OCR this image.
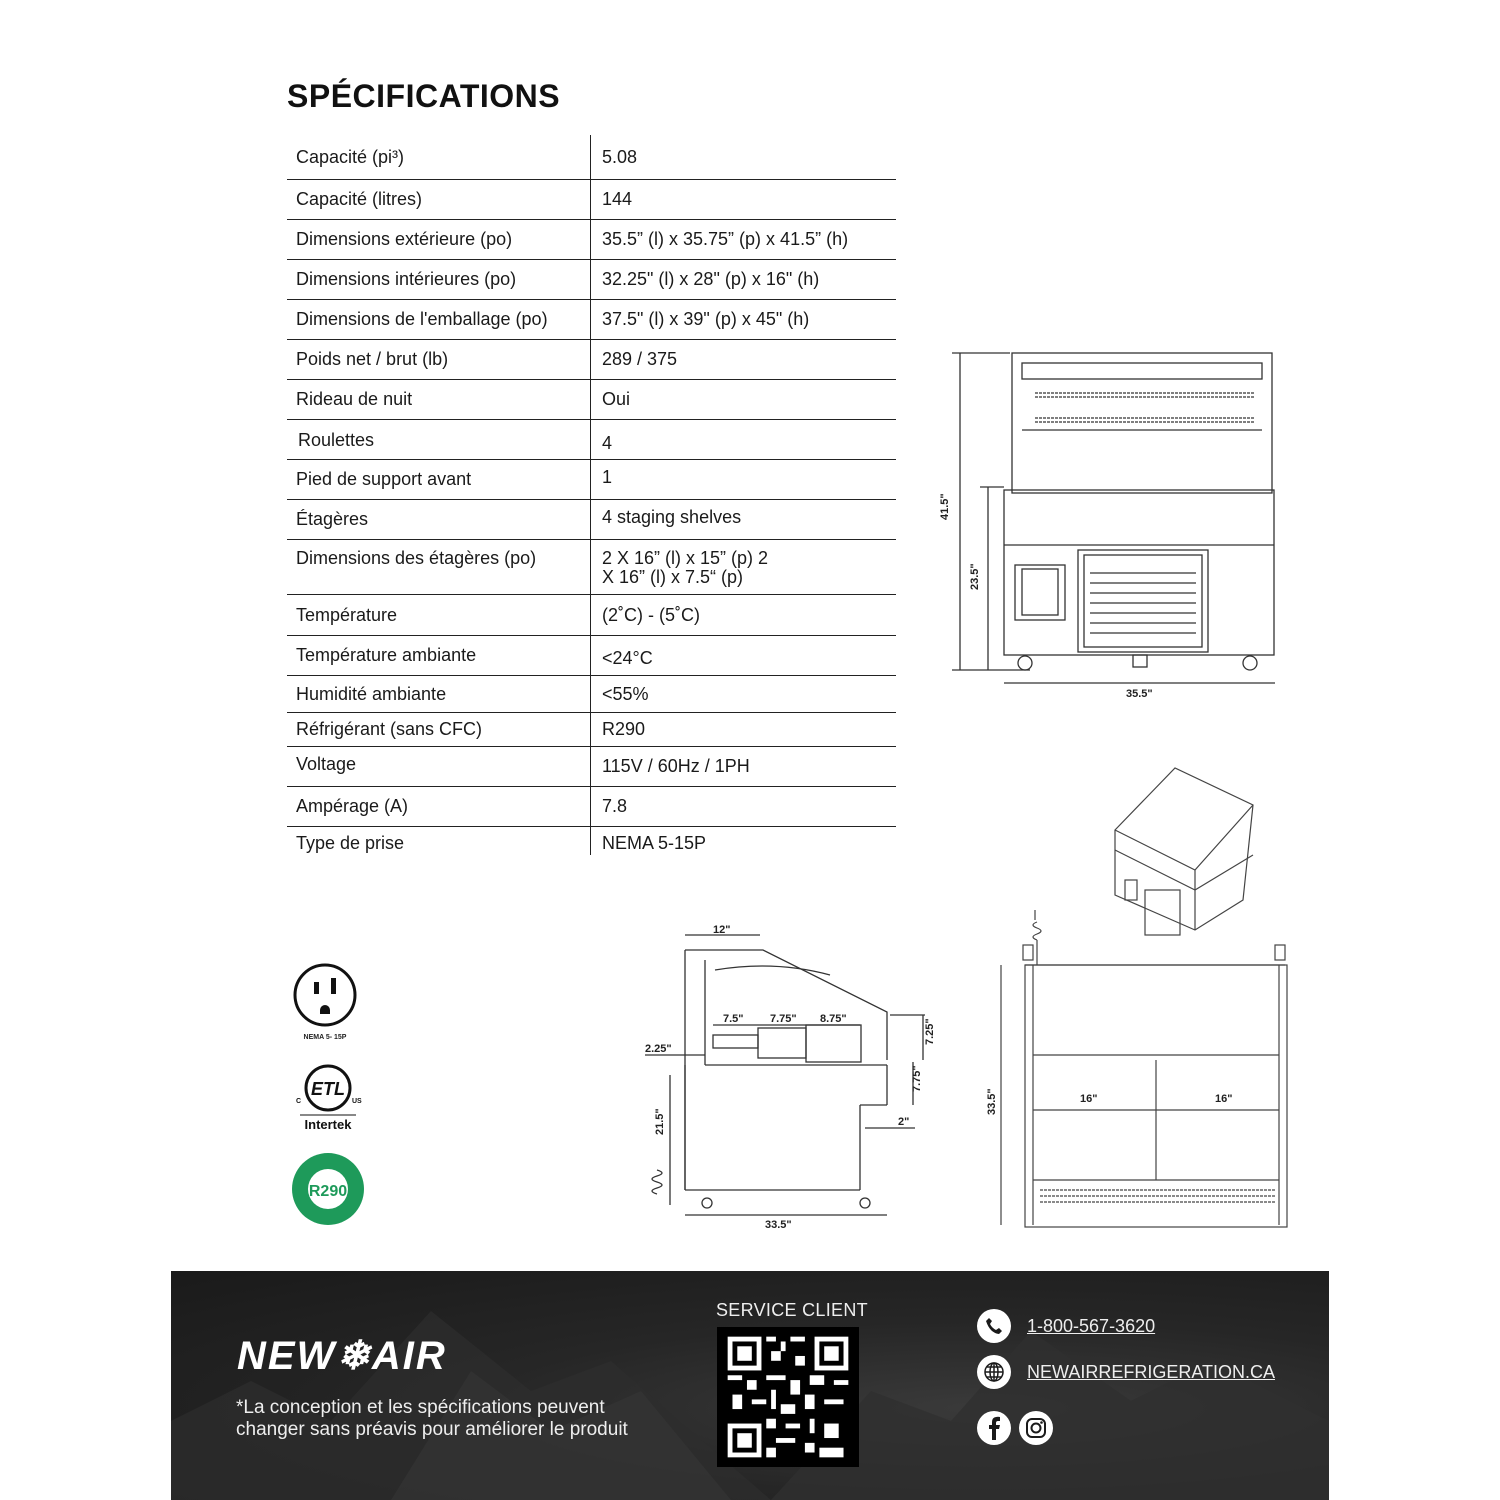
SPÉCIFICATIONS
Capacité (pi³)	5.08
Capacité (litres)	144
Dimensions extérieure (po)	35.5” (l) x 35.75” (p) x 41.5” (h)
Dimensions intérieures (po)	32.25" (l) x 28" (p) x 16" (h)
Dimensions de l'emballage (po)	37.5" (l) x 39" (p) x 45" (h)
Poids net / brut (lb)	289 / 375
Rideau de nuit	Oui
Roulettes	4
Pied de support avant	1
Étagères	4 staging shelves
Dimensions des étagères (po)	2 X 16” (l) x 15” (p) 2
X 16” (l) x 7.5“ (p)
Température	(2˚C) - (5˚C)
Température ambiante	<24°C
Humidité ambiante	<55%
Réfrigérant (sans CFC)	R290
Voltage	115V / 60Hz / 1PH
Ampérage (A)	7.8
Type de prise	NEMA 5-15P
41.5"
23.5"
35.5"
12"
7.5" 7.75" 8.75"	7.25"
2.25"
21.5"
7.75"
2"
33.5"
33.5"	16"	16"
NEMA 5- 15P

ETL
C	US
Intertek

R290
NEW❄AIR
*La conception et les spécifications peuvent changer sans préavis pour améliorer le produit
SERVICE CLIENT
1-800-567-3620
NEWAIRREFRIGERATION.CA
